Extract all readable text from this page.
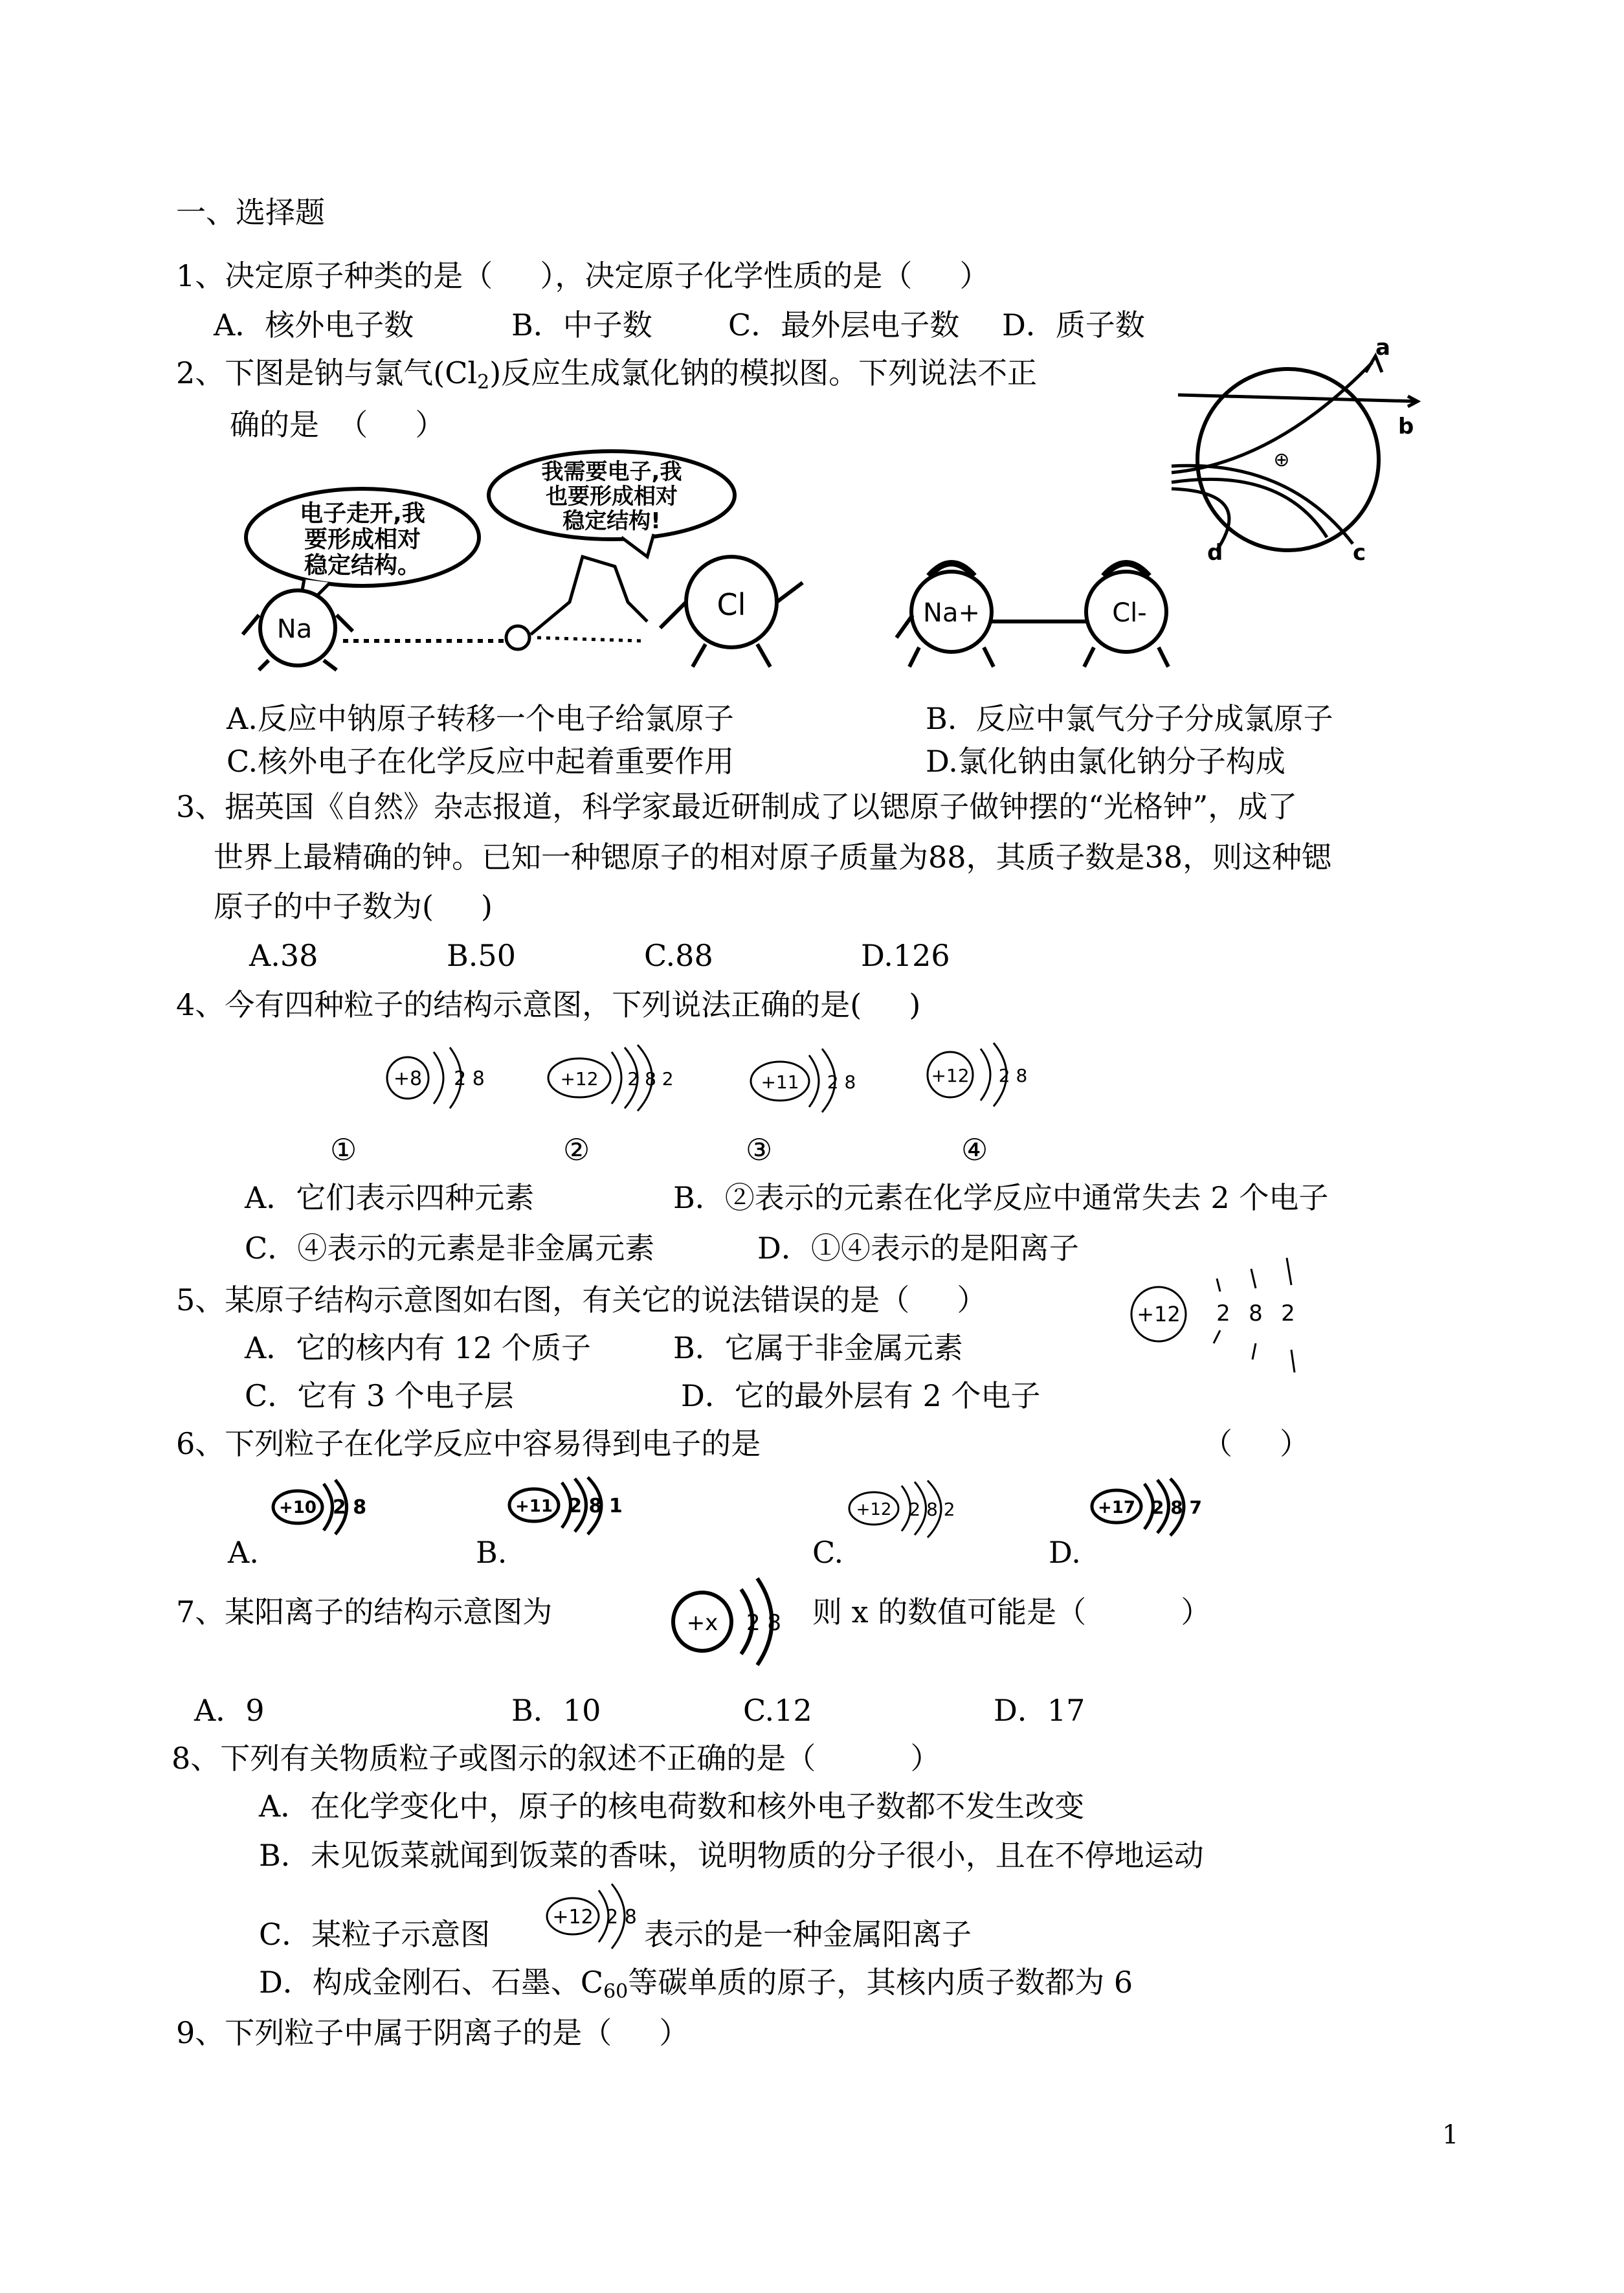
一、选择题
1、决定原子种类的是（     ），决定原子化学性质的是（     ）
A．核外电子数	B．中子数	C．最外层电子数 D．质子数
2、下图是钠与氯气$(Cl_2)$反应生成氯化钠的模拟图。下列说法不正
确的是  （     ）
电子走开,我
要形成相对
稳定结构。
我需要电子,我
也要形成相对
稳定结构!
Na
Cl	Na+	Cl-
⊕
a
b
c
d
A.反应中钠原子转移一个电子给氯原子	B.  反应中氯气分子分成氯原子
C.核外电子在化学反应中起着重要作用	D.氯化钠由氯化钠分子构成
3、据英国《自然》杂志报道，科学家最近研制成了以锶原子做钟摆的“光格钟”，成了
世界上最精确的钟。已知一种锶原子的相对原子质量为88，其质子数是38，则这种锶
原子的中子数为(     )
A.38	B.50	C.88	D.126
4、今有四种粒子的结构示意图，下列说法正确的是(     )
+8 2 8	+12 2 8 2	+11 2 8	+12 2 8
①	②	③	④
A．它们表示四种元素	B．②表示的元素在化学反应中通常失去 2 个电子
C．④表示的元素是非金属元素	D．①④表示的是阳离子
5、某原子结构示意图如右图，有关它的说法错误的是（     ）	+12 2 8 2
A．它的核内有 12 个质子	B．它属于非金属元素
C．它有 3 个电子层	D．它的最外层有 2 个电子
6、下列粒子在化学反应中容易得到电子的是	（     ）
+10 2 8	+11 2 8 1	+12 2 8 2	+17 2 8 7
A.	B.	C.	D.
7、某阳离子的结构示意图为	+x 2 8 则 x 的数值可能是（          ）
A．9	B．10	C.12	D．17
8、下列有关物质粒子或图示的叙述不正确的是（          ）
A．在化学变化中，原子的核电荷数和核外电子数都不发生改变
B．未见饭菜就闻到饭菜的香味，说明物质的分子很小，且在不停地运动
C．某粒子示意图	+12 2 8 表示的是一种金属阳离子
D．构成金刚石、石墨、$C_{60}$等碳单质的原子，其核内质子数都为 6
9、下列粒子中属于阴离子的是（     ）
1
